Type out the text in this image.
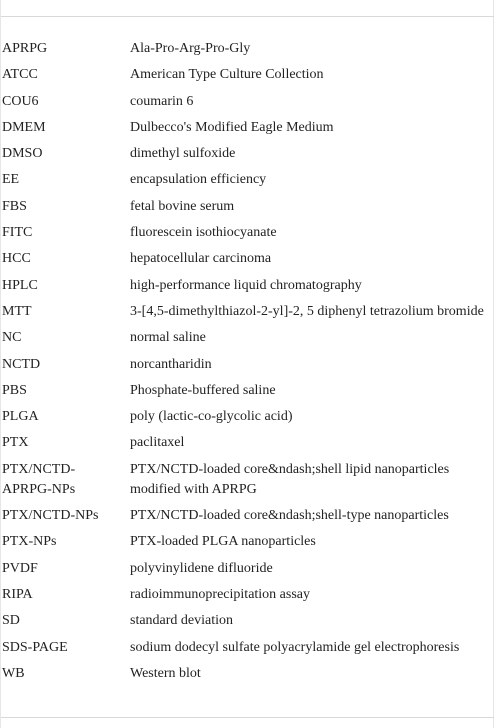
APRPG	Ala-Pro-Arg-Pro-Gly
ATCC	American Type Culture Collection
COU6	coumarin 6
DMEM	Dulbecco's Modified Eagle Medium
DMSO	dimethyl sulfoxide
EE	encapsulation efficiency
FBS	fetal bovine serum
FITC	fluorescein isothiocyanate
HCC	hepatocellular carcinoma
HPLC	high-performance liquid chromatography
MTT	3-[4,5-dimethylthiazol-2-yl]-2, 5 diphenyl tetrazolium bromide
NC	normal saline
NCTD	norcantharidin
PBS	Phosphate-buffered saline
PLGA	poly (lactic-co-glycolic acid)
PTX	paclitaxel
PTX/NCTD-APRPG-NPs	PTX/NCTD-loaded core&ndash;shell lipid nanoparticles modified with APRPG
PTX/NCTD-NPs	PTX/NCTD-loaded core&ndash;shell-type nanoparticles
PTX-NPs	PTX-loaded PLGA nanoparticles
PVDF	polyvinylidene difluoride
RIPA	radioimmunoprecipitation assay
SD	standard deviation
SDS-PAGE	sodium dodecyl sulfate polyacrylamide gel electrophoresis
WB	Western blot
